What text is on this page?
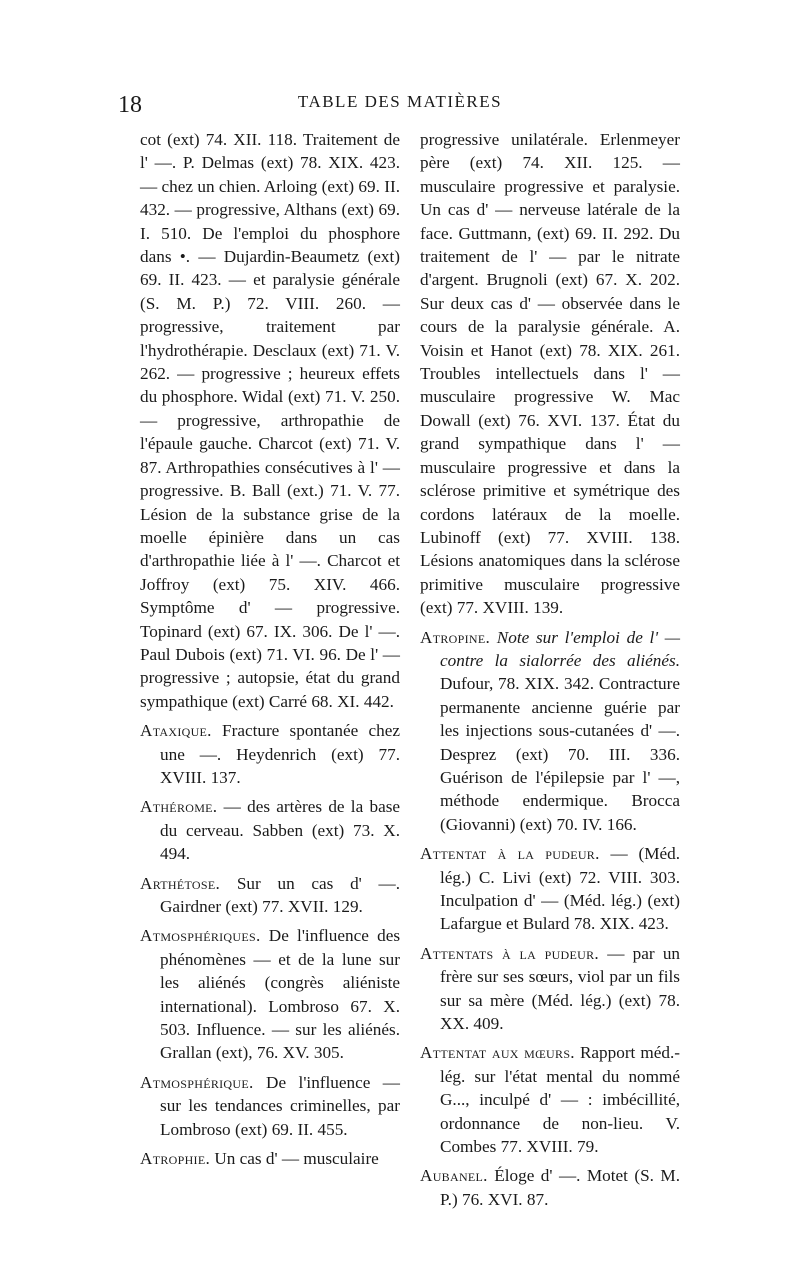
18	TABLE DES MATIÈRES

cot (ext) 74. XII. 118. Traitement de l' —. P. Delmas (ext) 78. XIX. 423. — chez un chien. Arloing (ext) 69. II. 432. — progressive, Althans (ext) 69. I. 510. De l'emploi du phosphore dans •. — Dujardin-Beaumetz (ext) 69. II. 423. — et paralysie générale (S. M. P.) 72. VIII. 260. — progressive, traitement par l'hydrothérapie. Desclaux (ext) 71. V. 262. — progressive ; heureux effets du phosphore. Widal (ext) 71. V. 250. — progressive, arthropathie de l'épaule gauche. Charcot (ext) 71. V. 87. Arthropathies consécutives à l' — progressive. B. Ball (ext.) 71. V. 77. Lésion de la substance grise de la moelle épinière dans un cas d'arthropathie liée à l' —. Charcot et Joffroy (ext) 75. XIV. 466. Symptôme d' — progressive. Topinard (ext) 67. IX. 306. De l' —. Paul Dubois (ext) 71. VI. 96. De l' — progressive ; autopsie, état du grand sympathique (ext) Carré 68. XI. 442.

Ataxique. Fracture spontanée chez une —. Heydenrich (ext) 77. XVIII. 137.

Athérome. — des artères de la base du cerveau. Sabben (ext) 73. X. 494.

Arthétose. Sur un cas d' —. Gairdner (ext) 77. XVII. 129.

Atmosphériques. De l'influence des phénomènes — et de la lune sur les aliénés (congrès aliéniste international). Lombroso 67. X. 503. Influence. — sur les aliénés. Grallan (ext), 76. XV. 305.

Atmosphérique. De l'influence — sur les tendances criminelles, par Lombroso (ext) 69. II. 455.

Atrophie. Un cas d' — musculaire

progressive unilatérale. Erlenmeyer père (ext) 74. XII. 125. — musculaire progressive et paralysie. Un cas d' — nerveuse latérale de la face. Guttmann, (ext) 69. II. 292. Du traitement de l' — par le nitrate d'argent. Brugnoli (ext) 67. X. 202. Sur deux cas d' — observée dans le cours de la paralysie générale. A. Voisin et Hanot (ext) 78. XIX. 261. Troubles intellectuels dans l' — musculaire progressive W. Mac Dowall (ext) 76. XVI. 137. État du grand sympathique dans l' — musculaire progressive et dans la sclérose primitive et symétrique des cordons latéraux de la moelle. Lubinoff (ext) 77. XVIII. 138. Lésions anatomiques dans la sclérose primitive musculaire progressive (ext) 77. XVIII. 139.

Atropine. Note sur l'emploi de l' — contre la sialorrée des aliénés. Dufour, 78. XIX. 342. Contracture permanente ancienne guérie par les injections sous-cutanées d' —. Desprez (ext) 70. III. 336. Guérison de l'épilepsie par l' —, méthode endermique. Brocca (Giovanni) (ext) 70. IV. 166.

Attentat à la pudeur. — (Méd. lég.) C. Livi (ext) 72. VIII. 303. Inculpation d' — (Méd. lég.) (ext) Lafargue et Bulard 78. XIX. 423.

Attentats à la pudeur. — par un frère sur ses sœurs, viol par un fils sur sa mère (Méd. lég.) (ext) 78. XX. 409.

Attentat aux mœurs. Rapport méd.-lég. sur l'état mental du nommé G..., inculpé d' — : imbécillité, ordonnance de non-lieu. V. Combes 77. XVIII. 79.

Aubanel. Éloge d' —. Motet (S. M. P.) 76. XVI. 87.
